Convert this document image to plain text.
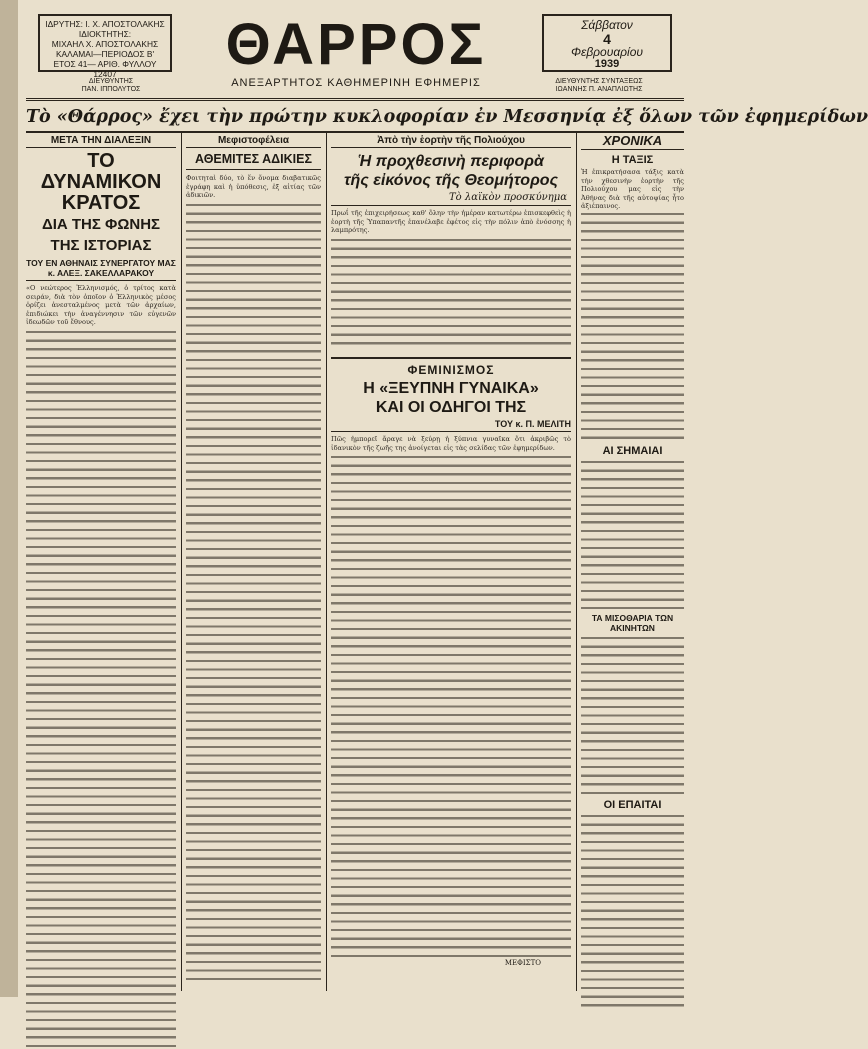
ΙΔΡΥΤΗΣ: Ι. Χ. ΑΠΟΣΤΟΛΑΚΗΣ
ΙΔΙΟΚΤΗΤΗΣ:
ΜΙΧΑΗΛ Χ. ΑΠΟΣΤΟΛΑΚΗΣ
ΚΑΛΑΜΑΙ—ΠΕΡΙΟΔΟΣ Β'
ΕΤΟΣ 41— ΑΡΙΘ. ΦΥΛΛΟΥ 12407	ΘΑΡΡΟΣ
ΑΝΕΞΑΡΤΗΤΟΣ ΚΑΘΗΜΕΡΙΝΗ ΕΦΗΜΕΡΙΣ
Σάββατον
4
Φεβρουαρίου
1939
ΔΙΕΥΘΥΝΤΗΣ
ΠΑΝ. ΙΠΠΟΛΥΤΟΣ
ΔΙΕΥΘΥΝΤΗΣ ΣΥΝΤΑΞΕΩΣ
ΙΩΑΝΝΗΣ Π. ΑΝΑΠΛΙΩΤΗΣ
Τὸ «Θάρρος» ἔχει τὴν πρώτην κυκλοφορίαν ἐν Μεσσηνίᾳ ἐξ ὅλων τῶν ἐφημερίδων
ΜΕΤΑ ΤΗΝ ΔΙΑΛΕΞΙΝ
ΤΟ ΔΥΝΑΜΙΚΟΝ ΚΡΑΤΟΣ
ΔΙΑ ΤΗΣ ΦΩΝΗΣ ΤΗΣ ΙΣΤΟΡΙΑΣ
ΤΟΥ ΕΝ ΑΘΗΝΑΙΣ ΣΥΝΕΡΓΑΤΟΥ ΜΑΣ κ. ΑΛΕΞ. ΣΑΚΕΛΛΑΡΑΚΟΥ
«Ο νεώτερος Ἑλληνισμός, ὁ τρίτος κατὰ σειράν, διὰ τὸν ὁποῖον ὁ Ἑλληνικὸς μέσος ὁρίζει ἀνεσταλμένος μετὰ τῶν ἀρχαίων, ἐπιδιώκει τὴν ἀναγέννησιν τῶν εὐγενῶν ἰδεωδῶν τοῦ ἔθνους.
Μεφιστοφέλεια
ΑΘΕΜΙΤΕΣ ΑΔΙΚΙΕΣ
Φοιτηταὶ δύο, τὸ ἕν ὄνομα διαβατικῶς ἐγράφη καὶ ἡ ὑπόθεσις, ἐξ αἰτίας τῶν ἀδικιῶν.
Ἀπὸ τὴν ἑορτὴν τῆς Πολιούχου
Ἡ προχθεσινὴ περιφορὰ
τῆς εἰκόνος τῆς Θεομήτορος
Τὸ λαϊκὸν προσκύνημα
Πρωΐ τῆς ἐπιχειρήσεως καθ' ὅλην τὴν ἡμέραν κατωτέρω ἐπισκεφθεὶς ἡ ἑορτὴ τῆς Ὑπαπαντῆς ἐπανέλαβε ἐφέτος εἰς τὴν πόλιν ἀπὸ ἐνόσσης ἡ λαμπρότης.
ΦΕΜΙΝΙΣΜΟΣ
Η «ΞΕΥΠΝΗ ΓΥΝΑΙΚΑ»
ΚΑΙ ΟΙ ΟΔΗΓΟΙ ΤΗΣ
ΤΟΥ κ. Π. ΜΕΛΙΤΗ
Πῶς ἠμπορεῖ ἄραγε νὰ ξεύρῃ ἡ ξύπνια γυναῖκα ὅτι ἀκριβῶς τὸ ἰδανικὸν τῆς ζωῆς της ἀνοίγεται εἰς τὰς σελίδας τῶν ἐφημερίδων.
ΜΕΦΙΣΤΟ
ΧΡΟΝΙΚΑ
Η ΤΑΞΙΣ
Ἡ ἐπικρατήσασα τάξις κατὰ τὴν χθεσινὴν ἑορτὴν τῆς Πολιούχου μας εἰς τὴν Ἀθήνας διὰ τῆς αὐτοψίας ἦτο ἀξιέπαινος.
ΑΙ ΣΗΜΑΙΑΙ
ΤΑ ΜΙΣΟΘΑΡΙΑ ΤΩΝ ΑΚΙΝΗΤΩΝ
ΟΙ ΕΠΑΙΤΑΙ
